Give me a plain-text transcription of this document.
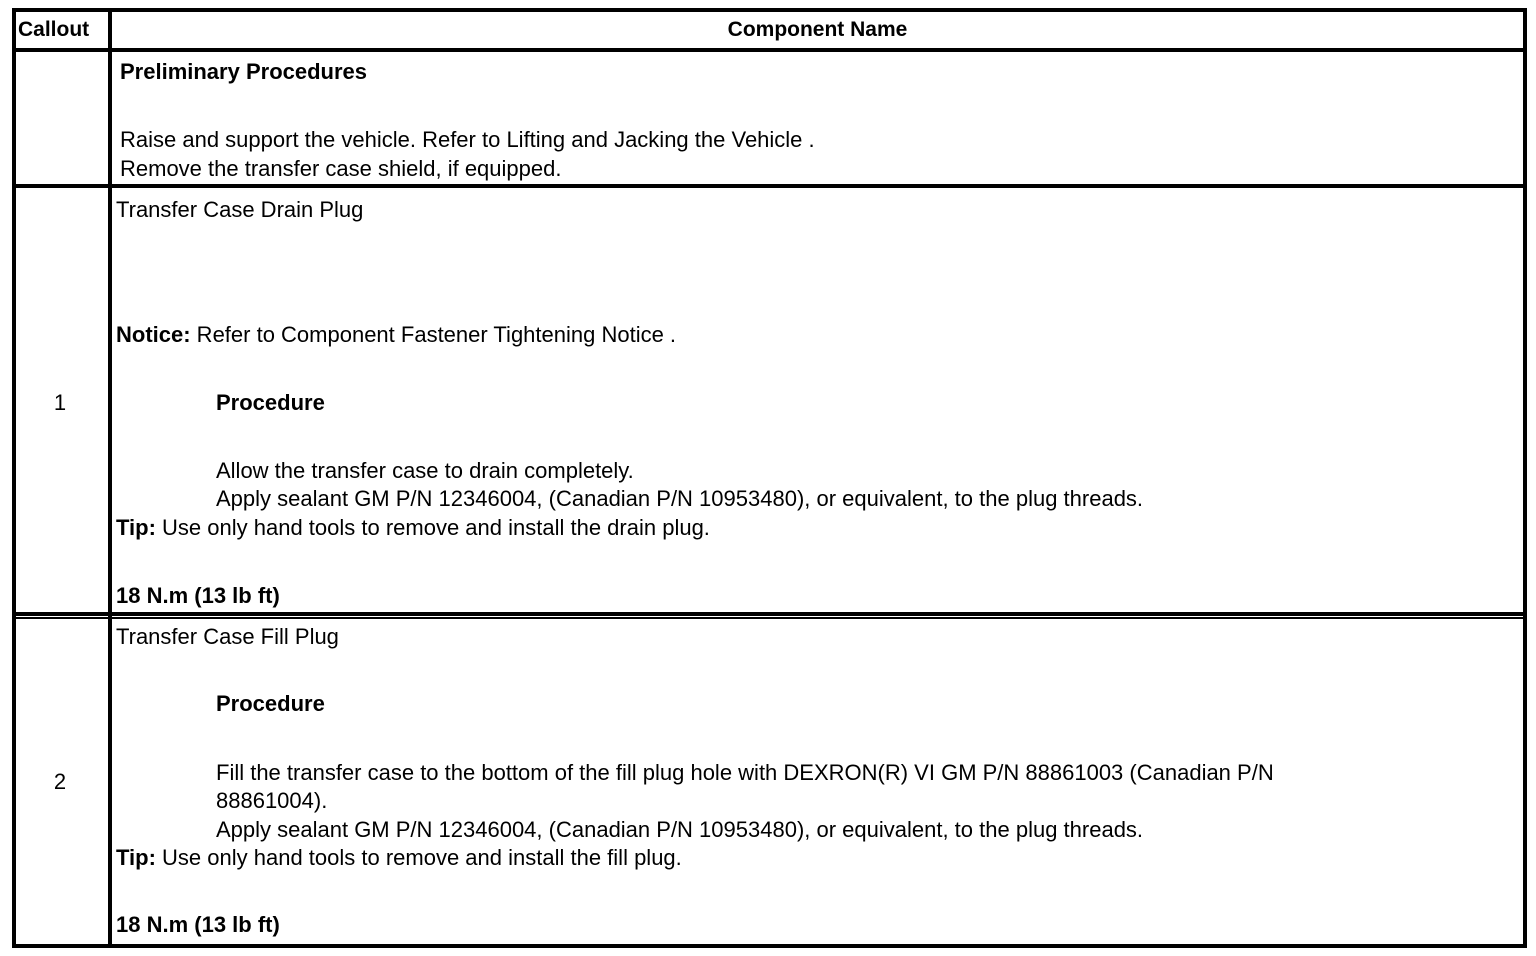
Callout	Component Name
Preliminary Procedures
Raise and support the vehicle. Refer to Lifting and Jacking the Vehicle .
Remove the transfer case shield, if equipped.
1
Transfer Case Drain Plug
Notice: Refer to Component Fastener Tightening Notice .
Procedure
Allow the transfer case to drain completely.
Apply sealant GM P/N 12346004, (Canadian P/N 10953480), or equivalent, to the plug threads.
Tip: Use only hand tools to remove and install the drain plug.
18 N.m (13 lb ft)
2
Transfer Case Fill Plug
Procedure
Fill the transfer case to the bottom of the fill plug hole with DEXRON(R) VI GM P/N 88861003 (Canadian P/N
88861004).
Apply sealant GM P/N 12346004, (Canadian P/N 10953480), or equivalent, to the plug threads.
Tip: Use only hand tools to remove and install the fill plug.
18 N.m (13 lb ft)
